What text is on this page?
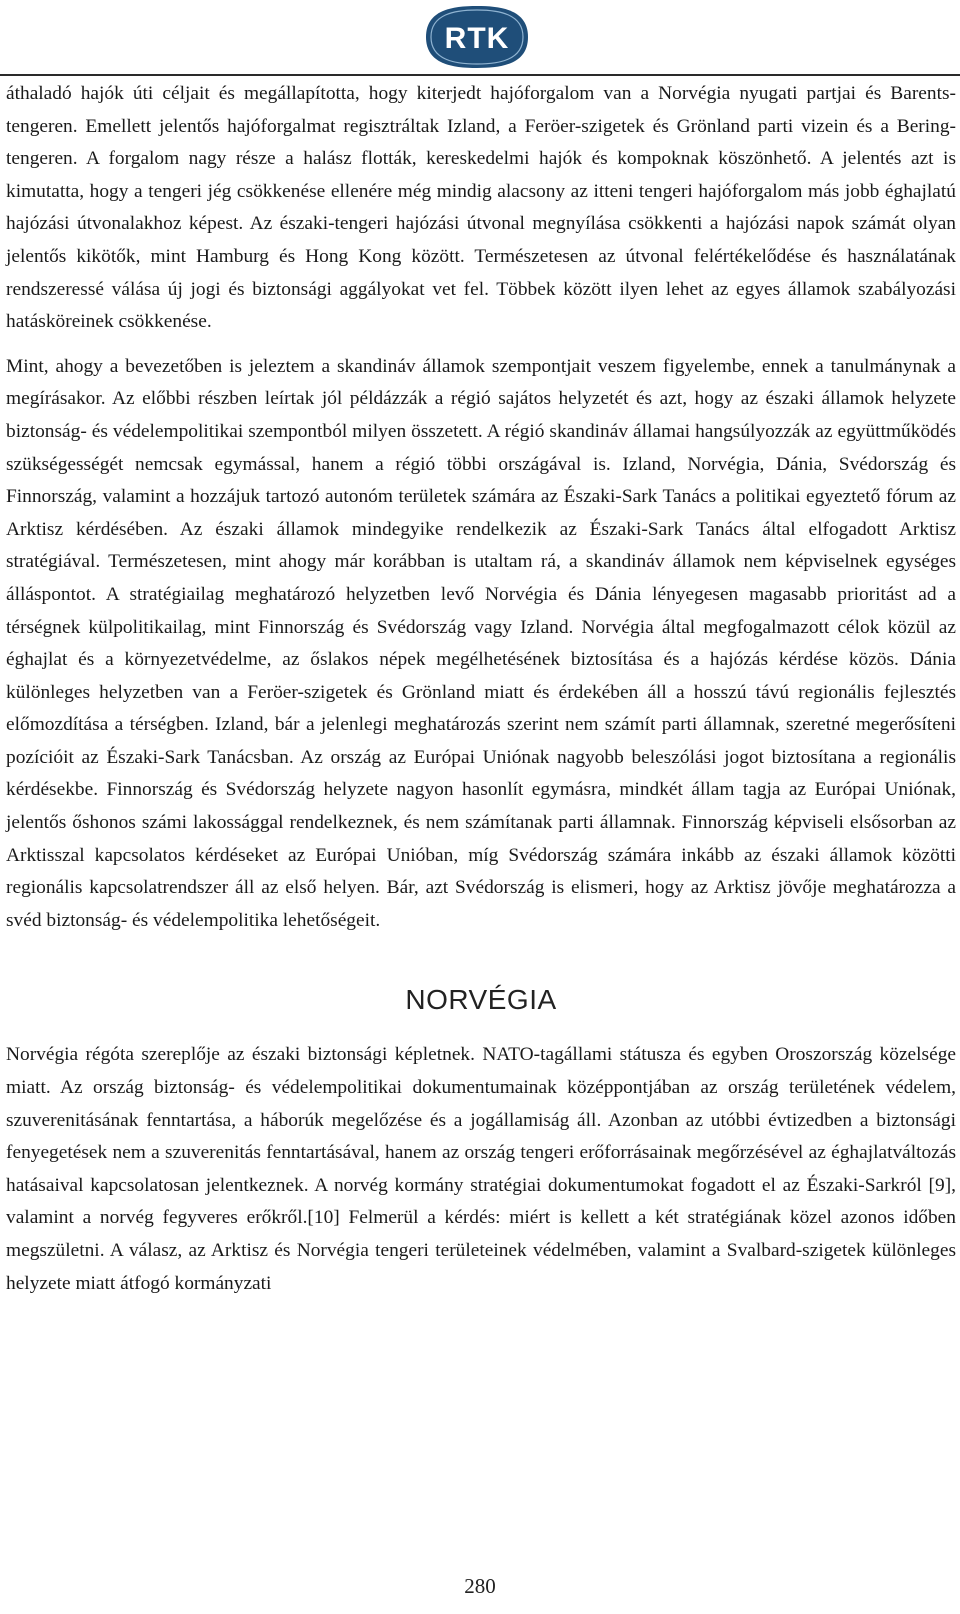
RTK

áthaladó hajók úti céljait és megállapította, hogy kiterjedt hajóforgalom van a Norvégia nyugati partjai és Barents-tengeren. Emellett jelentős hajóforgalmat regisztráltak Izland, a Feröer-szigetek és Grönland parti vizein és a Bering-tengeren. A forgalom nagy része a halász flották, kereskedelmi hajók és kompoknak köszönhető. A jelentés azt is kimutatta, hogy a tengeri jég csökkenése ellenére még mindig alacsony az itteni tengeri hajóforgalom más jobb éghajlatú hajózási útvonalakhoz képest. Az északi-tengeri hajózási útvonal megnyílása csökkenti a hajózási napok számát olyan jelentős kikötők, mint Hamburg és Hong Kong között. Természetesen az útvonal felértékelődése és használatának rendszeressé válása új jogi és biztonsági aggályokat vet fel. Többek között ilyen lehet az egyes államok szabályozási hatásköreinek csökkenése.

Mint, ahogy a bevezetőben is jeleztem a skandináv államok szempontjait veszem figyelembe, ennek a tanulmánynak a megírásakor. Az előbbi részben leírtak jól példázzák a régió sajátos helyzetét és azt, hogy az északi államok helyzete biztonság- és védelempolitikai szempontból milyen összetett. A régió skandináv államai hangsúlyozzák az együttműködés szükségességét nemcsak egymással, hanem a régió többi országával is. Izland, Norvégia, Dánia, Svédország és Finnország, valamint a hozzájuk tartozó autonóm területek számára az Északi-Sark Tanács a politikai egyeztető fórum az Arktisz kérdésében. Az északi államok mindegyike rendelkezik az Északi-Sark Tanács által elfogadott Arktisz stratégiával. Természetesen, mint ahogy már korábban is utaltam rá, a skandináv államok nem képviselnek egységes álláspontot. A stratégiailag meghatározó helyzetben levő Norvégia és Dánia lényegesen magasabb prioritást ad a térségnek külpolitikailag, mint Finnország és Svédország vagy Izland. Norvégia által megfogalmazott célok közül az éghajlat és a környezetvédelme, az őslakos népek megélhetésének biztosítása és a hajózás kérdése közös. Dánia különleges helyzetben van a Feröer-szigetek és Grönland miatt és érdekében áll a hosszú távú regionális fejlesztés előmozdítása a térségben. Izland, bár a jelenlegi meghatározás szerint nem számít parti államnak, szeretné megerősíteni pozícióit az Északi-Sark Tanácsban. Az ország az Európai Uniónak nagyobb beleszólási jogot biztosítana a regionális kérdésekbe. Finnország és Svédország helyzete nagyon hasonlít egymásra, mindkét állam tagja az Európai Uniónak, jelentős őshonos számi lakossággal rendelkeznek, és nem számítanak parti államnak. Finnország képviseli elsősorban az Arktisszal kapcsolatos kérdéseket az Európai Unióban, míg Svédország számára inkább az északi államok közötti regionális kapcsolatrendszer áll az első helyen. Bár, azt Svédország is elismeri, hogy az Arktisz jövője meghatározza a svéd biztonság- és védelempolitika lehetőségeit.

NORVÉGIA

Norvégia régóta szereplője az északi biztonsági képletnek. NATO-tagállami státusza és egyben Oroszország közelsége miatt. Az ország biztonság- és védelempolitikai dokumentumainak középpontjában az ország területének védelem, szuverenitásának fenntartása, a háborúk megelőzése és a jogállamiság áll. Azonban az utóbbi évtizedben a biztonsági fenyegetések nem a szuverenitás fenntartásával, hanem az ország tengeri erőforrásainak megőrzésével az éghajlatváltozás hatásaival kapcsolatosan jelentkeznek. A norvég kormány stratégiai dokumentumokat fogadott el az Északi-Sarkról [9], valamint a norvég fegyveres erőkről.[10] Felmerül a kérdés: miért is kellett a két stratégiának közel azonos időben megszületni. A válasz, az Arktisz és Norvégia tengeri területeinek védelmében, valamint a Svalbard-szigetek különleges helyzete miatt átfogó kormányzati

280
